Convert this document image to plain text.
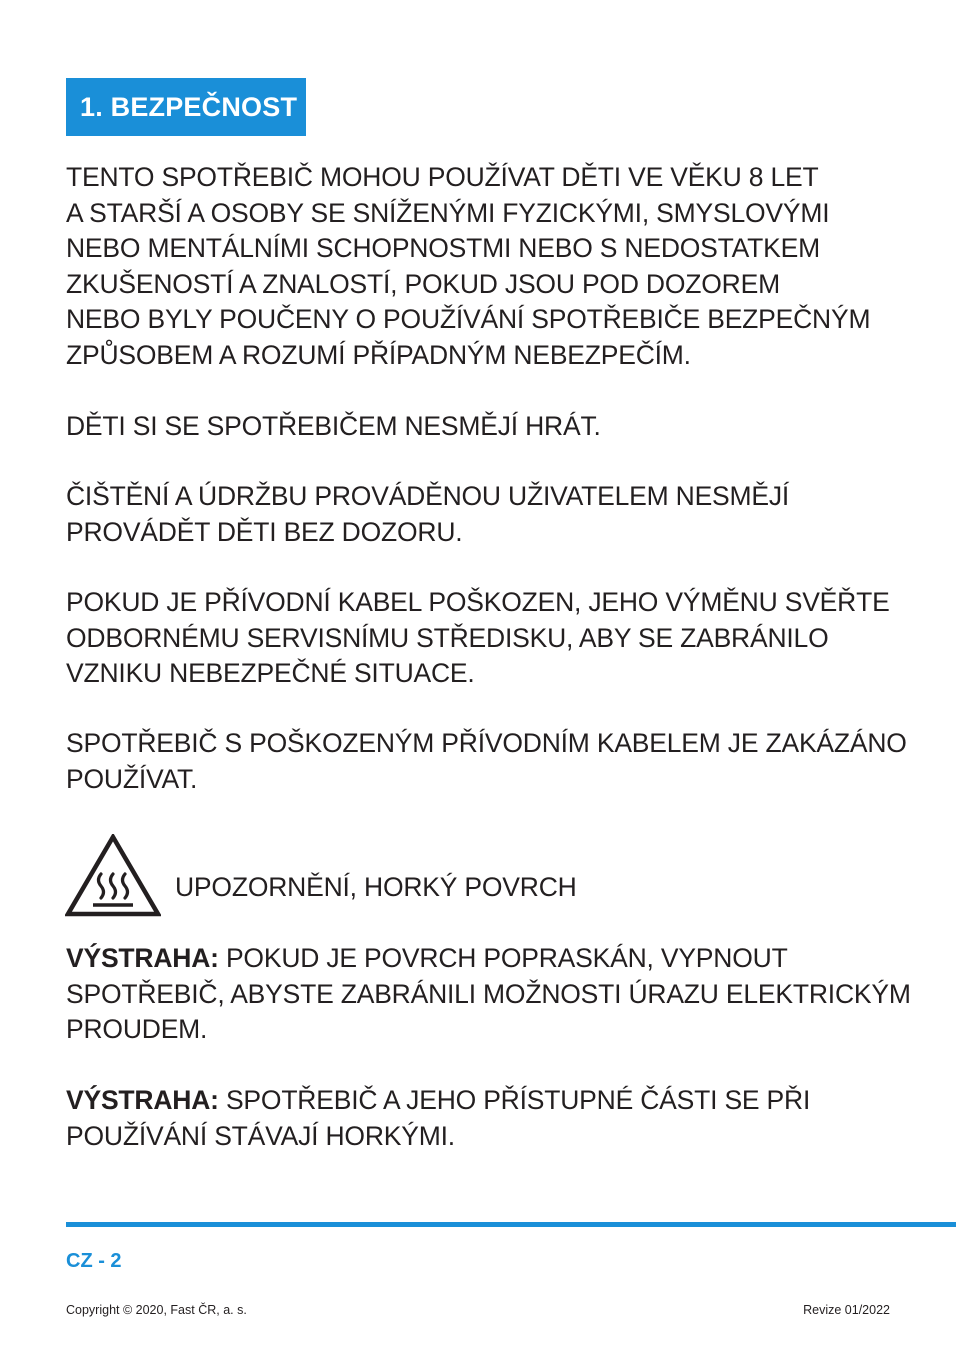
1. BEZPEČNOST

TENTO SPOTŘEBIČ MOHOU POUŽÍVAT DĚTI VE VĚKU 8 LET
A STARŠÍ A OSOBY SE SNÍŽENÝMI FYZICKÝMI, SMYSLOVÝMI
NEBO MENTÁLNÍMI SCHOPNOSTMI NEBO S NEDOSTATKEM
ZKUŠENOSTÍ A ZNALOSTÍ, POKUD JSOU POD DOZOREM
NEBO BYLY POUČENY O POUŽÍVÁNÍ SPOTŘEBIČE BEZPEČNÝM
ZPŮSOBEM A ROZUMÍ PŘÍPADNÝM NEBEZPEČÍM.

DĚTI SI SE SPOTŘEBIČEM NESMĚJÍ HRÁT.

ČIŠTĚNÍ A ÚDRŽBU PROVÁDĚNOU UŽIVATELEM NESMĚJÍ
PROVÁDĚT DĚTI BEZ DOZORU.

POKUD JE PŘÍVODNÍ KABEL POŠKOZEN, JEHO VÝMĚNU SVĚŘTE
ODBORNÉMU SERVISNÍMU STŘEDISKU, ABY SE ZABRÁNILO
VZNIKU NEBEZPEČNÉ SITUACE.

SPOTŘEBIČ S POŠKOZENÝM PŘÍVODNÍM KABELEM JE ZAKÁZÁNO
POUŽÍVAT.

UPOZORNĚNÍ, HORKÝ POVRCH

VÝSTRAHA: POKUD JE POVRCH POPRASKÁN, VYPNOUT
SPOTŘEBIČ, ABYSTE ZABRÁNILI MOŽNOSTI ÚRAZU ELEKTRICKÝM
PROUDEM.

VÝSTRAHA: SPOTŘEBIČ A JEHO PŘÍSTUPNÉ ČÁSTI SE PŘI
POUŽÍVÁNÍ STÁVAJÍ HORKÝMI.

CZ - 2
Copyright © 2020, Fast ČR, a. s.	Revize 01/2022
